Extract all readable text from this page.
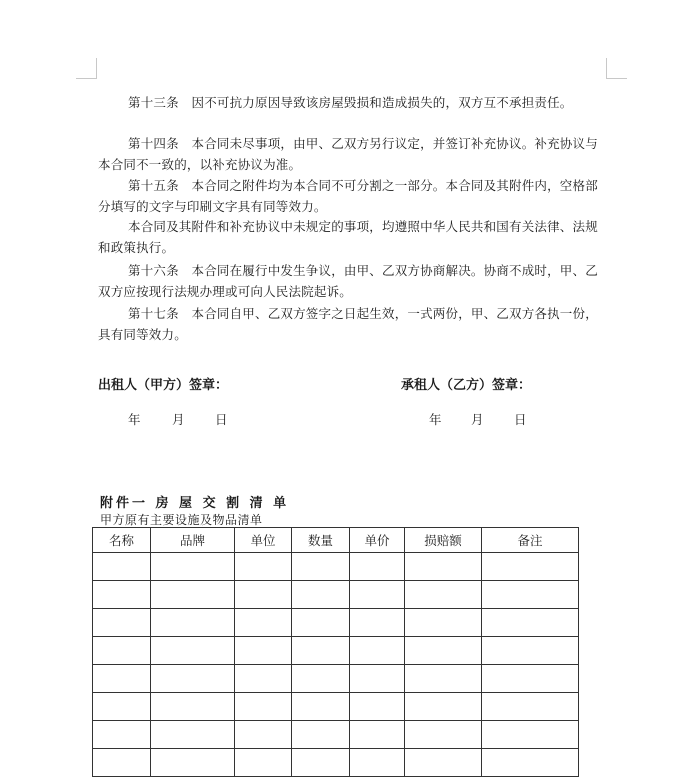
第十三条　因不可抗力原因导致该房屋毁损和造成损失的，双方互不承担责任。

第十四条　本合同未尽事项，由甲、乙双方另行议定，并签订补充协议。补充协议与本合同不一致的，以补充协议为准。

第十五条　本合同之附件均为本合同不可分割之一部分。本合同及其附件内，空格部分填写的文字与印刷文字具有同等效力。

本合同及其附件和补充协议中未规定的事项，均遵照中华人民共和国有关法律、法规和政策执行。

第十六条　本合同在履行中发生争议，由甲、乙双方协商解决。协商不成时，甲、乙双方应按现行法规办理或可向人民法院起诉。

第十七条　本合同自甲、乙双方签字之日起生效，一式两份，甲、乙双方各执一份，具有同等效力。

出租人（甲方）签章：	承租人（乙方）签章：
年	月 日	年 月 日
附件一 房 屋 交 割 清 单
甲方原有主要设施及物品清单
名称	品牌	单位	数量	单价	损赔额	备注
